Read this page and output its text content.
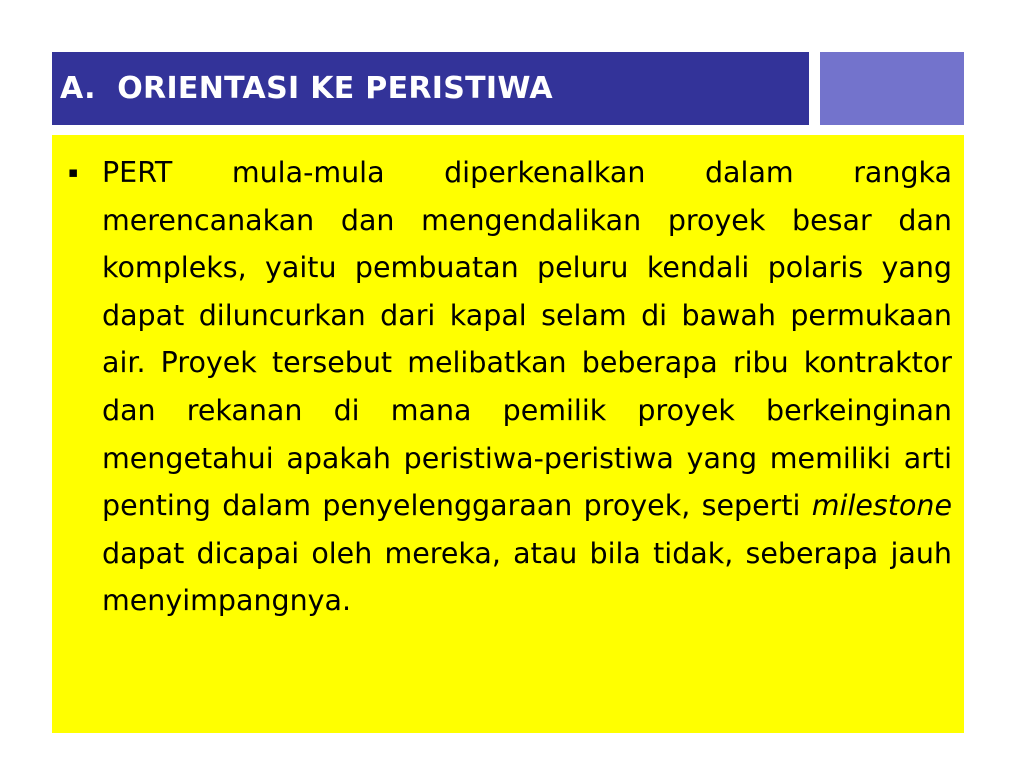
A.  ORIENTASI KE PERISTIWA
▪ PERT mula-mula diperkenalkan dalam rangka merencanakan dan mengendalikan proyek besar dan kompleks, yaitu pembuatan peluru kendali polaris yang dapat diluncurkan dari kapal selam di bawah permukaan air. Proyek tersebut melibatkan beberapa ribu kontraktor dan rekanan di mana pemilik proyek berkeinginan mengetahui apakah peristiwa-peristiwa yang memiliki arti penting dalam penyelenggaraan proyek, seperti milestone dapat dicapai oleh mereka, atau bila tidak, seberapa jauh menyimpangnya.
